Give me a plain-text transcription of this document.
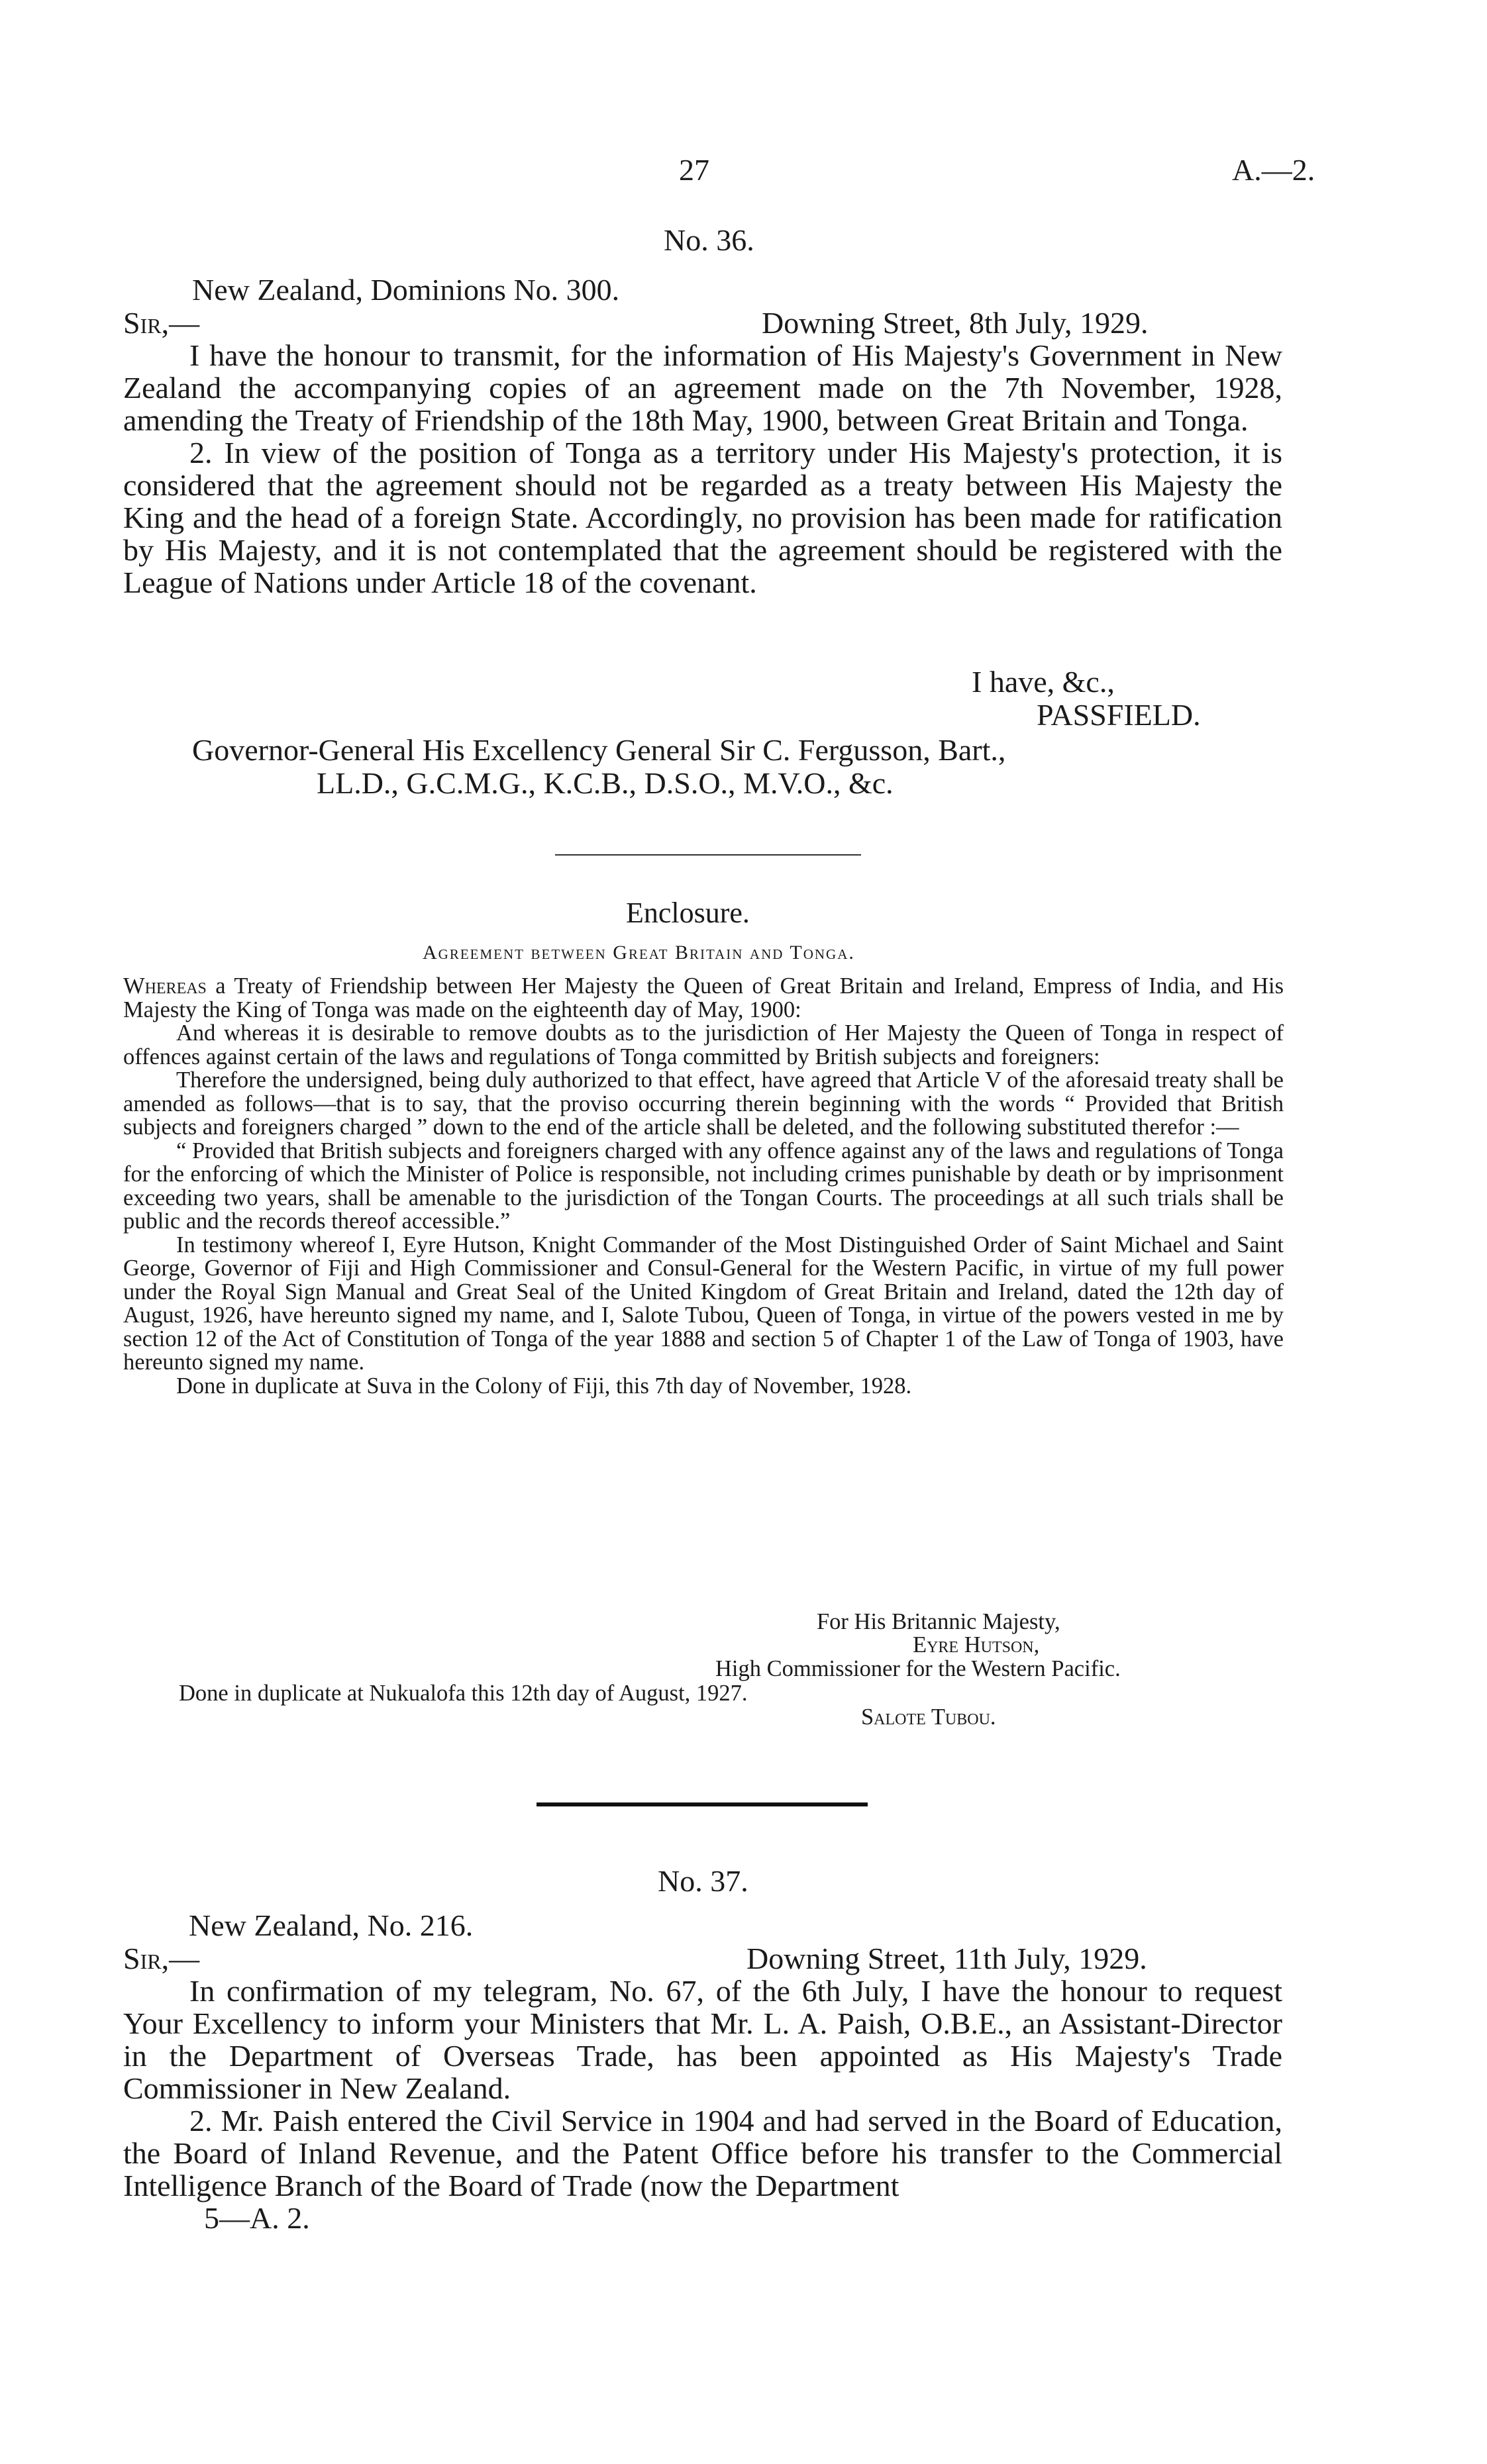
27	A.—2.
No. 36.
New Zealand, Dominions No. 300.
Sir,—	Downing Street, 8th July, 1929.

I have the honour to transmit, for the information of His Majesty's Government in New Zealand the accompanying copies of an agreement made on the 7th November, 1928, amending the Treaty of Friendship of the 18th May, 1900, between Great Britain and Tonga.

2. In view of the position of Tonga as a territory under His Majesty's protection, it is considered that the agreement should not be regarded as a treaty between His Majesty the King and the head of a foreign State. Accordingly, no provision has been made for ratification by His Majesty, and it is not contemplated that the agreement should be registered with the League of Nations under Article 18 of the covenant.

I have, &c.,
PASSFIELD.
Governor-General His Excellency General Sir C. Fergusson, Bart.,
LL.D., G.C.M.G., K.C.B., D.S.O., M.V.O., &c.
Enclosure.
Agreement between Great Britain and Tonga.

Whereas a Treaty of Friendship between Her Majesty the Queen of Great Britain and Ireland, Empress of India, and His Majesty the King of Tonga was made on the eighteenth day of May, 1900:

And whereas it is desirable to remove doubts as to the jurisdiction of Her Majesty the Queen of Tonga in respect of offences against certain of the laws and regulations of Tonga committed by British subjects and foreigners:

Therefore the undersigned, being duly authorized to that effect, have agreed that Article V of the aforesaid treaty shall be amended as follows—that is to say, that the proviso occurring therein beginning with the words “ Provided that British subjects and foreigners charged ” down to the end of the article shall be deleted, and the following substituted therefor :—

“ Provided that British subjects and foreigners charged with any offence against any of the laws and regulations of Tonga for the enforcing of which the Minister of Police is responsible, not including crimes punishable by death or by imprisonment exceeding two years, shall be amenable to the jurisdiction of the Tongan Courts. The proceedings at all such trials shall be public and the records thereof accessible.”

In testimony whereof I, Eyre Hutson, Knight Commander of the Most Distinguished Order of Saint Michael and Saint George, Governor of Fiji and High Commissioner and Consul-General for the Western Pacific, in virtue of my full power under the Royal Sign Manual and Great Seal of the United Kingdom of Great Britain and Ireland, dated the 12th day of August, 1926, have hereunto signed my name, and I, Salote Tubou, Queen of Tonga, in virtue of the powers vested in me by section 12 of the Act of Constitution of Tonga of the year 1888 and section 5 of Chapter 1 of the Law of Tonga of 1903, have hereunto signed my name.

Done in duplicate at Suva in the Colony of Fiji, this 7th day of November, 1928.

For His Britannic Majesty,
Eyre Hutson,
High Commissioner for the Western Pacific.
Done in duplicate at Nukualofa this 12th day of August, 1927.
Salote Tubou.
No. 37.
New Zealand, No. 216.
Sir,—	Downing Street, 11th July, 1929.

In confirmation of my telegram, No. 67, of the 6th July, I have the honour to request Your Excellency to inform your Ministers that Mr. L. A. Paish, O.B.E., an Assistant-Director in the Department of Overseas Trade, has been appointed as His Majesty's Trade Commissioner in New Zealand.

2. Mr. Paish entered the Civil Service in 1904 and had served in the Board of Education, the Board of Inland Revenue, and the Patent Office before his transfer to the Commercial Intelligence Branch of the Board of Trade (now the Department

5—A. 2.
